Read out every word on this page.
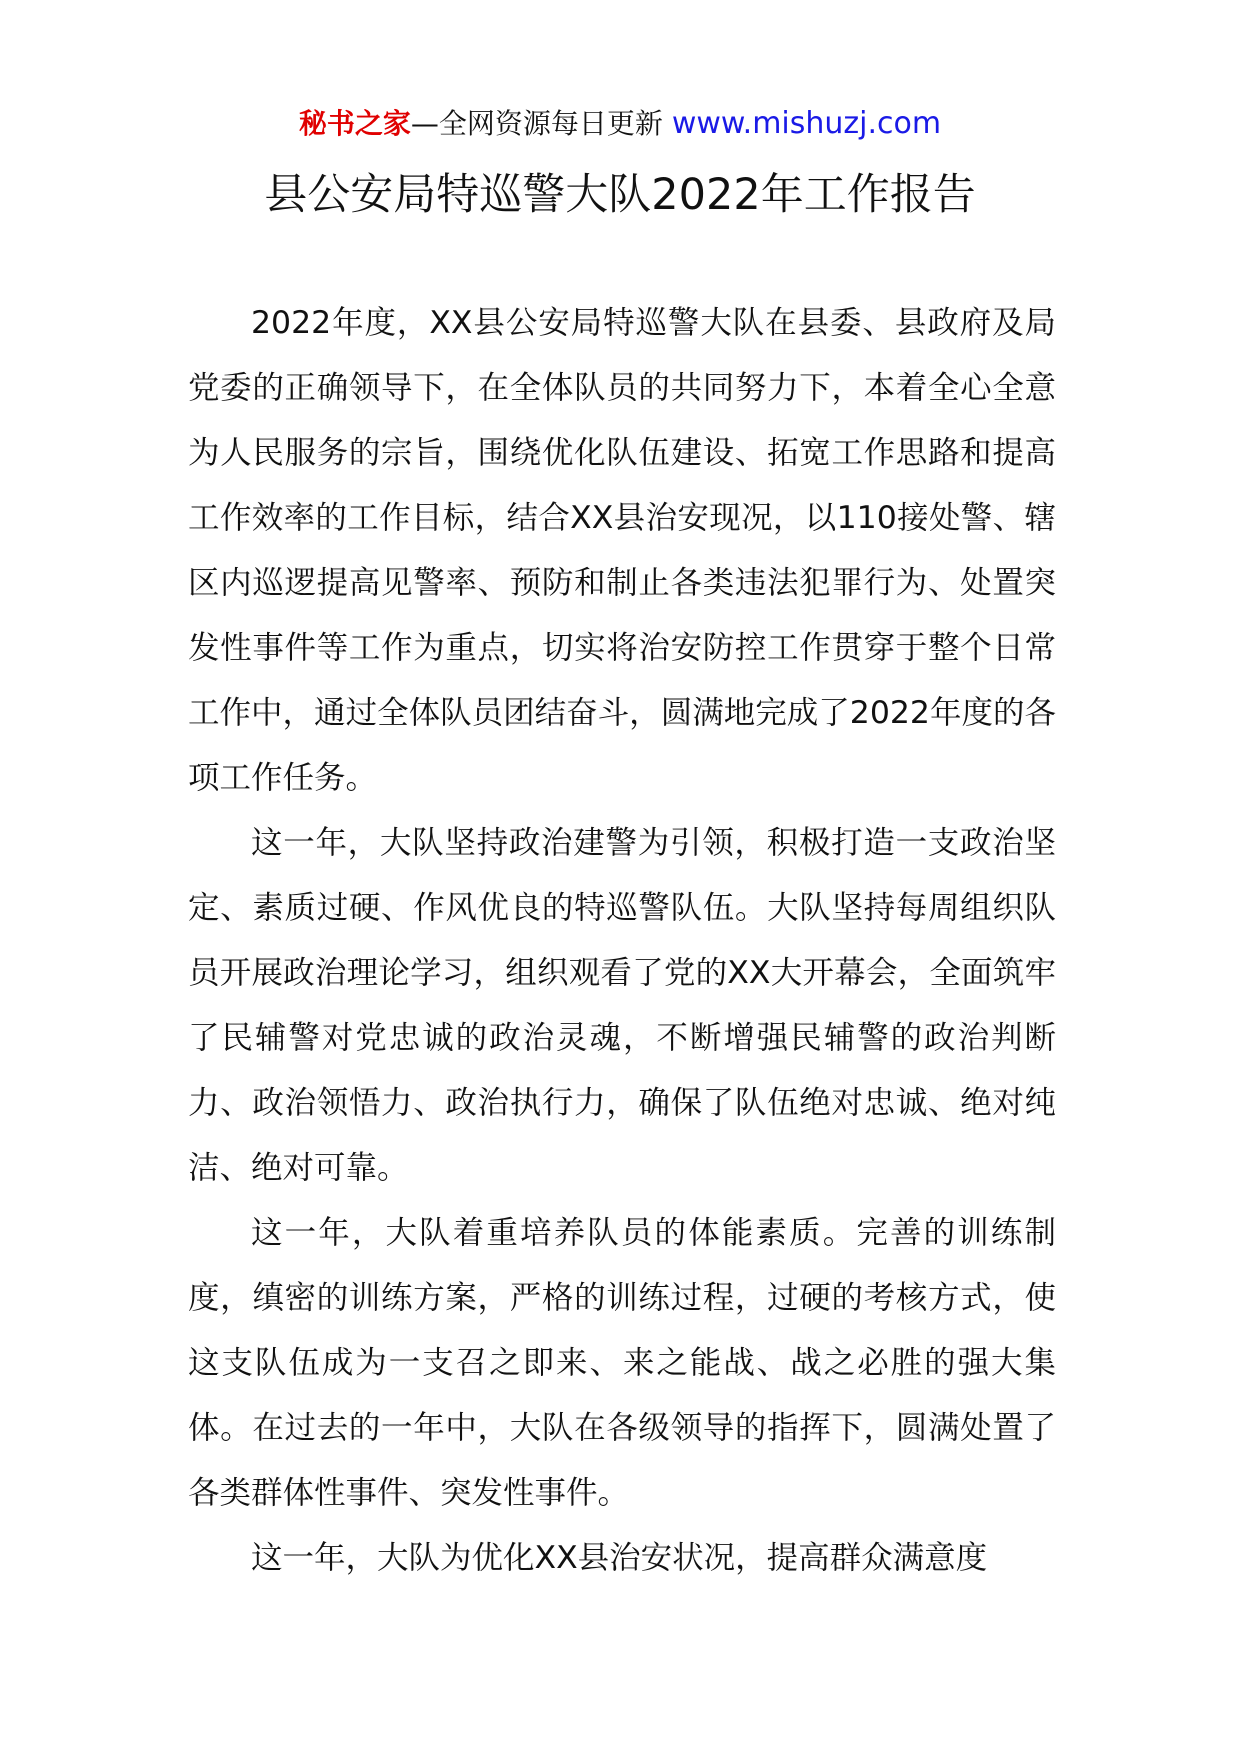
秘书之家—全网资源每日更新 www.mishuzj.com
县公安局特巡警大队2022年工作报告

2022年度，XX县公安局特巡警大队在县委、县政府及局党委的正确领导下，在全体队员的共同努力下，本着全心全意为人民服务的宗旨，围绕优化队伍建设、拓宽工作思路和提高工作效率的工作目标，结合XX县治安现况，以110接处警、辖区内巡逻提高见警率、预防和制止各类违法犯罪行为、处置突发性事件等工作为重点，切实将治安防控工作贯穿于整个日常工作中，通过全体队员团结奋斗，圆满地完成了2022年度的各项工作任务。

这一年，大队坚持政治建警为引领，积极打造一支政治坚定、素质过硬、作风优良的特巡警队伍。大队坚持每周组织队员开展政治理论学习，组织观看了党的XX大开幕会，全面筑牢了民辅警对党忠诚的政治灵魂，不断增强民辅警的政治判断力、政治领悟力、政治执行力，确保了队伍绝对忠诚、绝对纯洁、绝对可靠。

这一年，大队着重培养队员的体能素质。完善的训练制度，缜密的训练方案，严格的训练过程，过硬的考核方式，使这支队伍成为一支召之即来、来之能战、战之必胜的强大集体。在过去的一年中，大队在各级领导的指挥下，圆满处置了各类群体性事件、突发性事件。

这一年，大队为优化XX县治安状况，提高群众满意度
